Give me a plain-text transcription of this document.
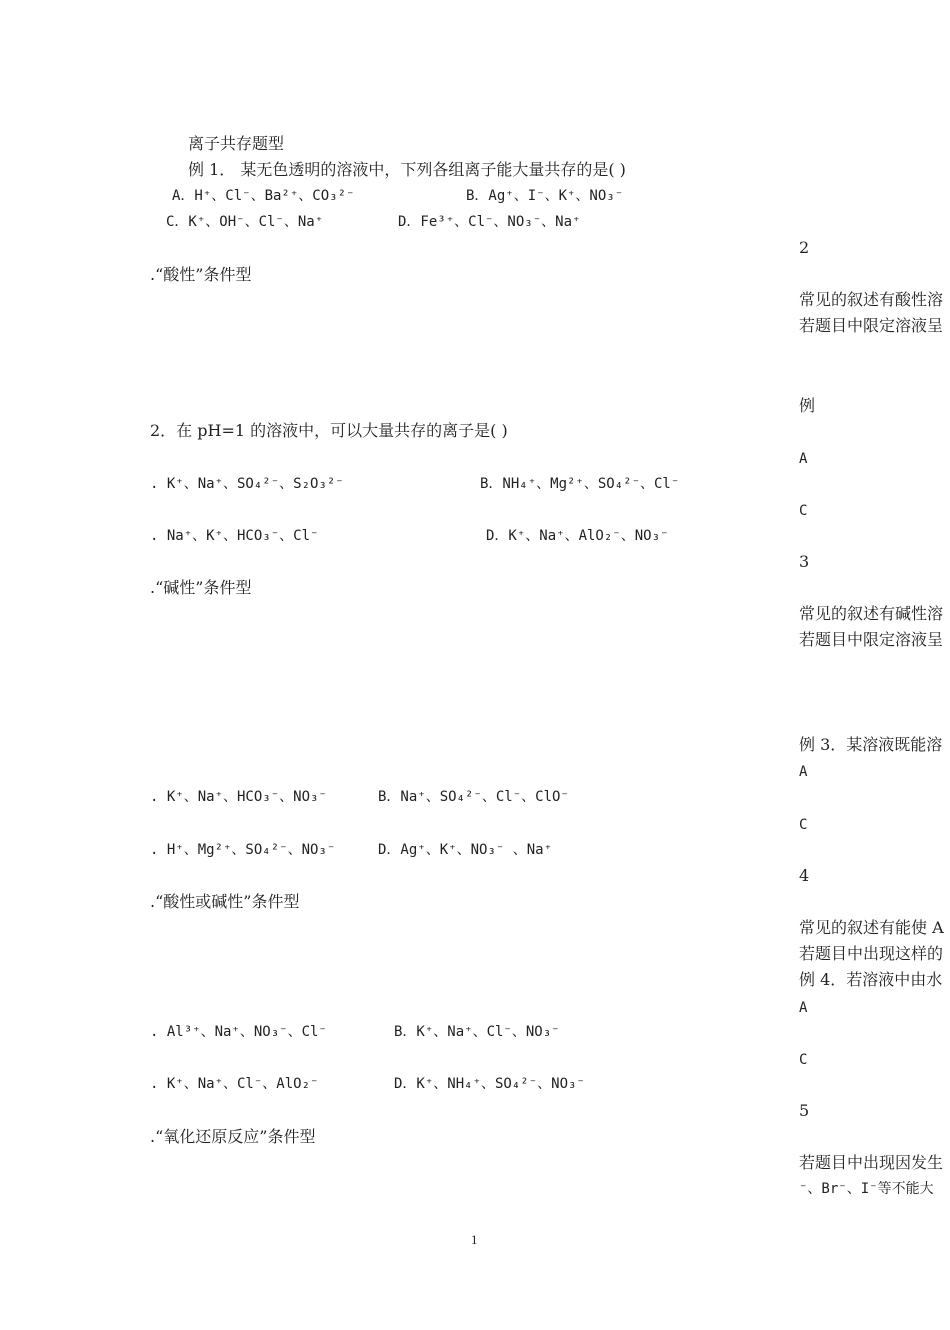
离子共存题型
例 1． 某无色透明的溶液中，下列各组离子能大量共存的是( )
A．H⁺、Cl⁻、Ba²⁺、CO₃²⁻	B．Ag⁺、I⁻、K⁺、NO₃⁻
C．K⁺、OH⁻、Cl⁻、Na⁺	D．Fe³⁺、Cl⁻、NO₃⁻、Na⁺
.“酸性”条件型
2．在 pH=1 的溶液中，可以大量共存的离子是( )
. K⁺、Na⁺、SO₄²⁻、S₂O₃²⁻	B．NH₄⁺、Mg²⁺、SO₄²⁻、Cl⁻
. Na⁺、K⁺、HCO₃⁻、Cl⁻	D．K⁺、Na⁺、AlO₂⁻、NO₃⁻
.“碱性”条件型
. K⁺、Na⁺、HCO₃⁻、NO₃⁻	B．Na⁺、SO₄²⁻、Cl⁻、ClO⁻
. H⁺、Mg²⁺、SO₄²⁻、NO₃⁻	D．Ag⁺、K⁺、NO₃⁻ 、Na⁺
.“酸性或碱性”条件型
. Al³⁺、Na⁺、NO₃⁻、Cl⁻	B．K⁺、Na⁺、Cl⁻、NO₃⁻
. K⁺、Na⁺、Cl⁻、AlO₂⁻	D．K⁺、NH₄⁺、SO₄²⁻、NO₃⁻
.“氧化还原反应”条件型
1
2
常见的叙述有酸性溶
若题目中限定溶液呈
例
A
C
3
常见的叙述有碱性溶
若题目中限定溶液呈
例 3．某溶液既能溶
A
C
4
常见的叙述有能使 A
若题目中出现这样的
例 4．若溶液中由水
A
C
5
若题目中出现因发生
⁻、Br⁻、I⁻等不能大
